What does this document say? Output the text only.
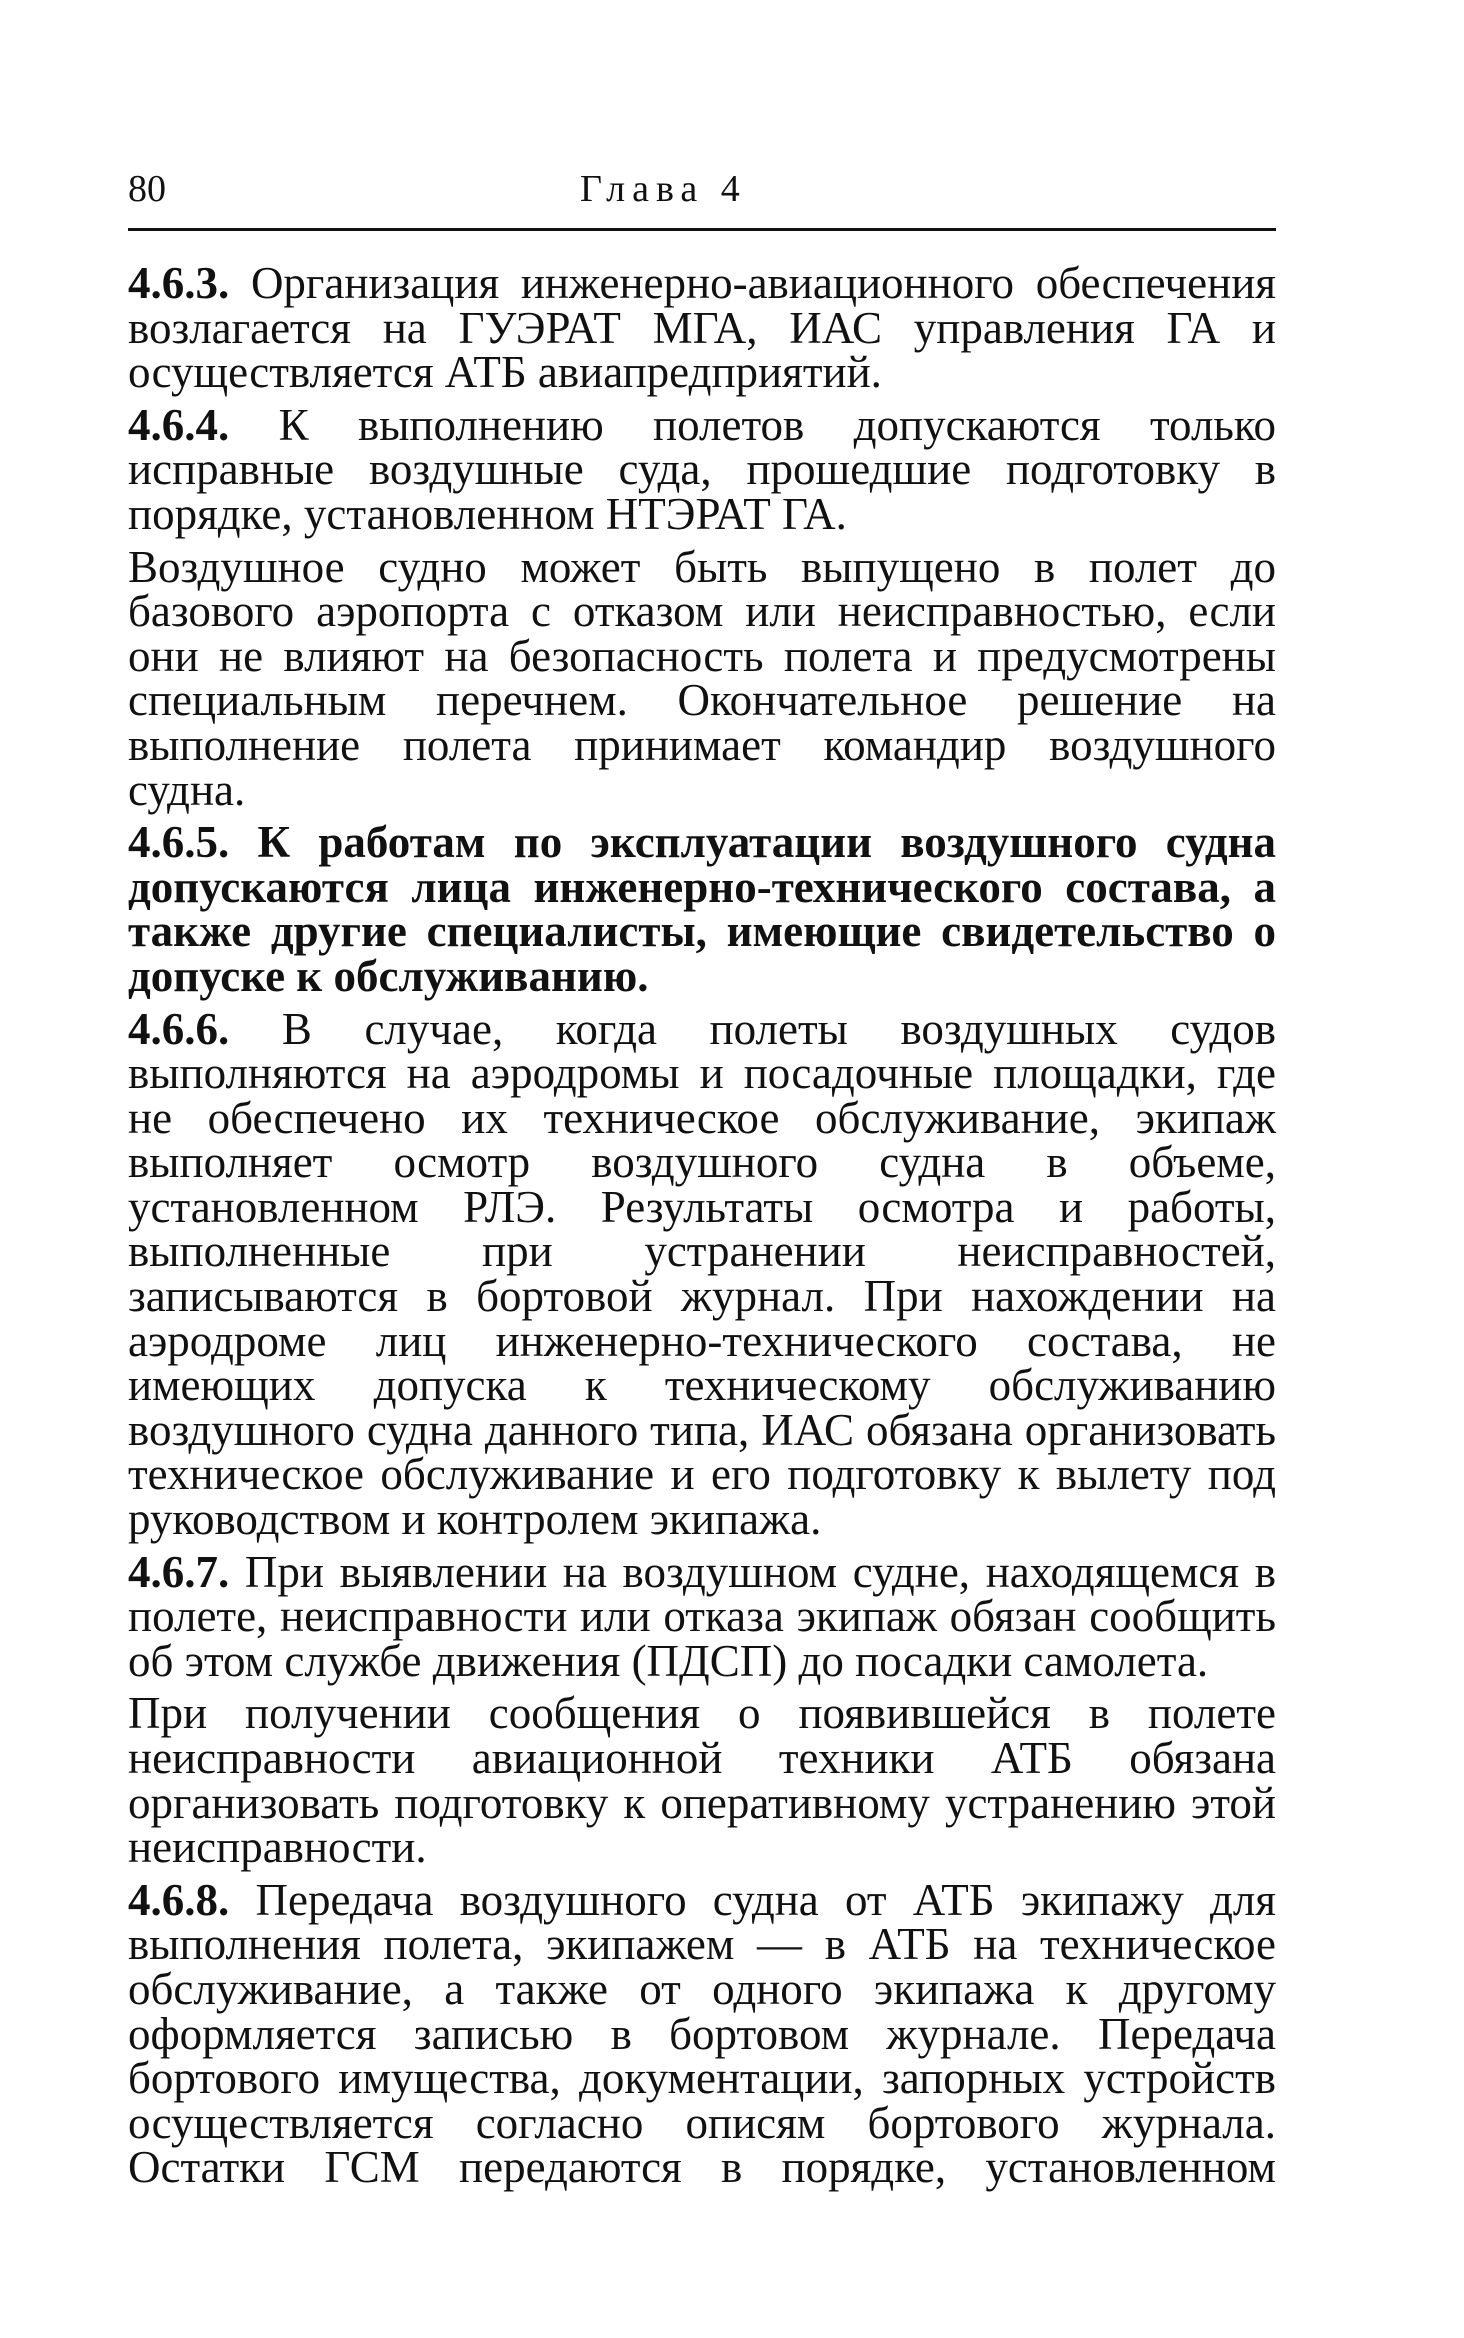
80	Глава 4

4.6.3. Организация инженерно-авиационного обеспечения возлагается на ГУЭРАТ МГА, ИАС управления ГА и осуществляется АТБ авиапредприятий.

4.6.4. К выполнению полетов допускаются только исправные воздушные суда, прошедшие подготовку в порядке, установленном НТЭРАТ ГА.

Воздушное судно может быть выпущено в полет до базового аэропорта с отказом или неисправностью, если они не влияют на безопасность полета и предусмотрены специальным перечнем. Окончательное решение на выполнение полета принимает командир воздушного судна.

4.6.5. К работам по эксплуатации воздушного судна допускаются лица инженерно-технического состава, а также другие специалисты, имеющие свидетельство о допуске к обслуживанию.

4.6.6. В случае, когда полеты воздушных судов выполняются на аэродромы и посадочные площадки, где не обеспечено их техническое обслуживание, экипаж выполняет осмотр воздушного судна в объеме, установленном РЛЭ. Результаты осмотра и работы, выполненные при устранении неисправностей, записываются в бортовой журнал. При нахождении на аэродроме лиц инженерно-технического состава, не имеющих допуска к техническому обслуживанию воздушного судна данного типа, ИАС обязана организовать техническое обслуживание и его подготовку к вылету под руководством и контролем экипажа.

4.6.7. При выявлении на воздушном судне, находящемся в полете, неисправности или отказа экипаж обязан сообщить об этом службе движения (ПДСП) до посадки самолета.

При получении сообщения о появившейся в полете неисправности авиационной техники АТБ обязана организовать подготовку к оперативному устранению этой неисправности.

4.6.8. Передача воздушного судна от АТБ экипажу для выполнения полета, экипажем — в АТБ на техническое обслуживание, а также от одного экипажа к другому оформляется записью в бортовом журнале. Передача бортового имущества, документации, запорных устройств осуществляется согласно описям бортового журнала. Остатки ГСМ передаются в порядке, установленном
